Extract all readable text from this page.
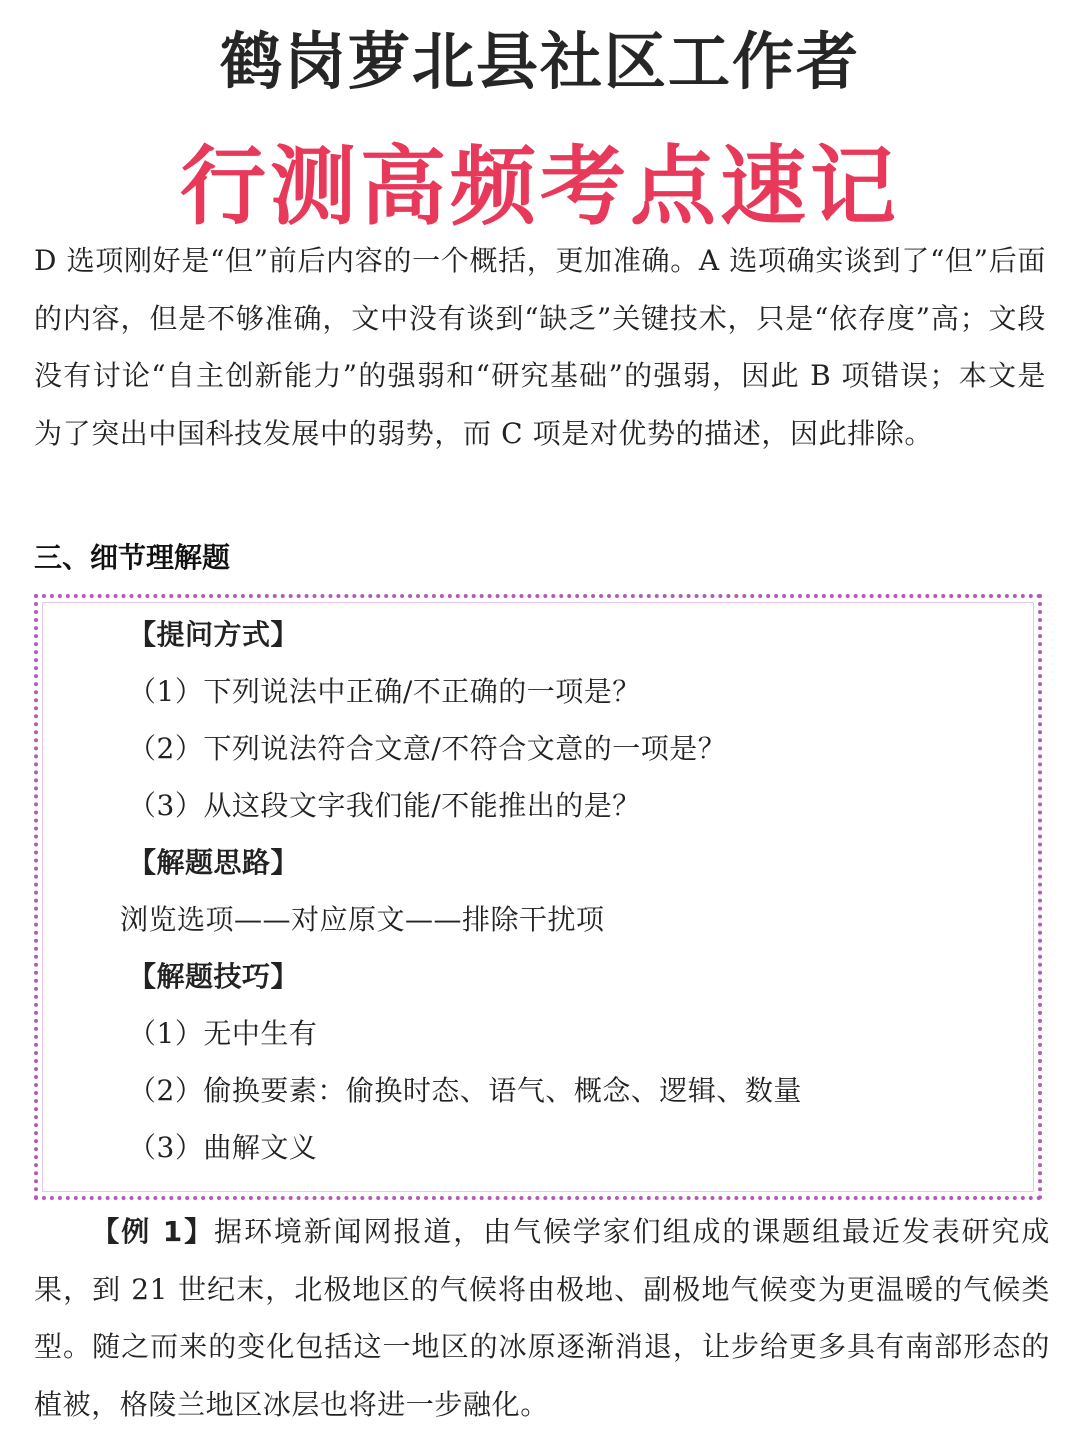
鹤岗萝北县社区工作者
行测高频考点速记

D 选项刚好是“但”前后内容的一个概括，更加准确。A 选项确实谈到了“但”后面的内容，但是不够准确，文中没有谈到“缺乏”关键技术，只是“依存度”高；文段没有讨论“自主创新能力”的强弱和“研究基础”的强弱，因此 B 项错误；本文是为了突出中国科技发展中的弱势，而 C 项是对优势的描述，因此排除。

三、细节理解题
【提问方式】
（1）下列说法中正确/不正确的一项是？
（2）下列说法符合文意/不符合文意的一项是？
（3）从这段文字我们能/不能推出的是？
【解题思路】
浏览选项——对应原文——排除干扰项
【解题技巧】
（1）无中生有
（2）偷换要素：偷换时态、语气、概念、逻辑、数量
（3）曲解文义

【例 1】据环境新闻网报道，由气候学家们组成的课题组最近发表研究成果，到 21 世纪末，北极地区的气候将由极地、副极地气候变为更温暖的气候类型。随之而来的变化包括这一地区的冰原逐渐消退，让步给更多具有南部形态的植被，格陵兰地区冰层也将进一步融化。
